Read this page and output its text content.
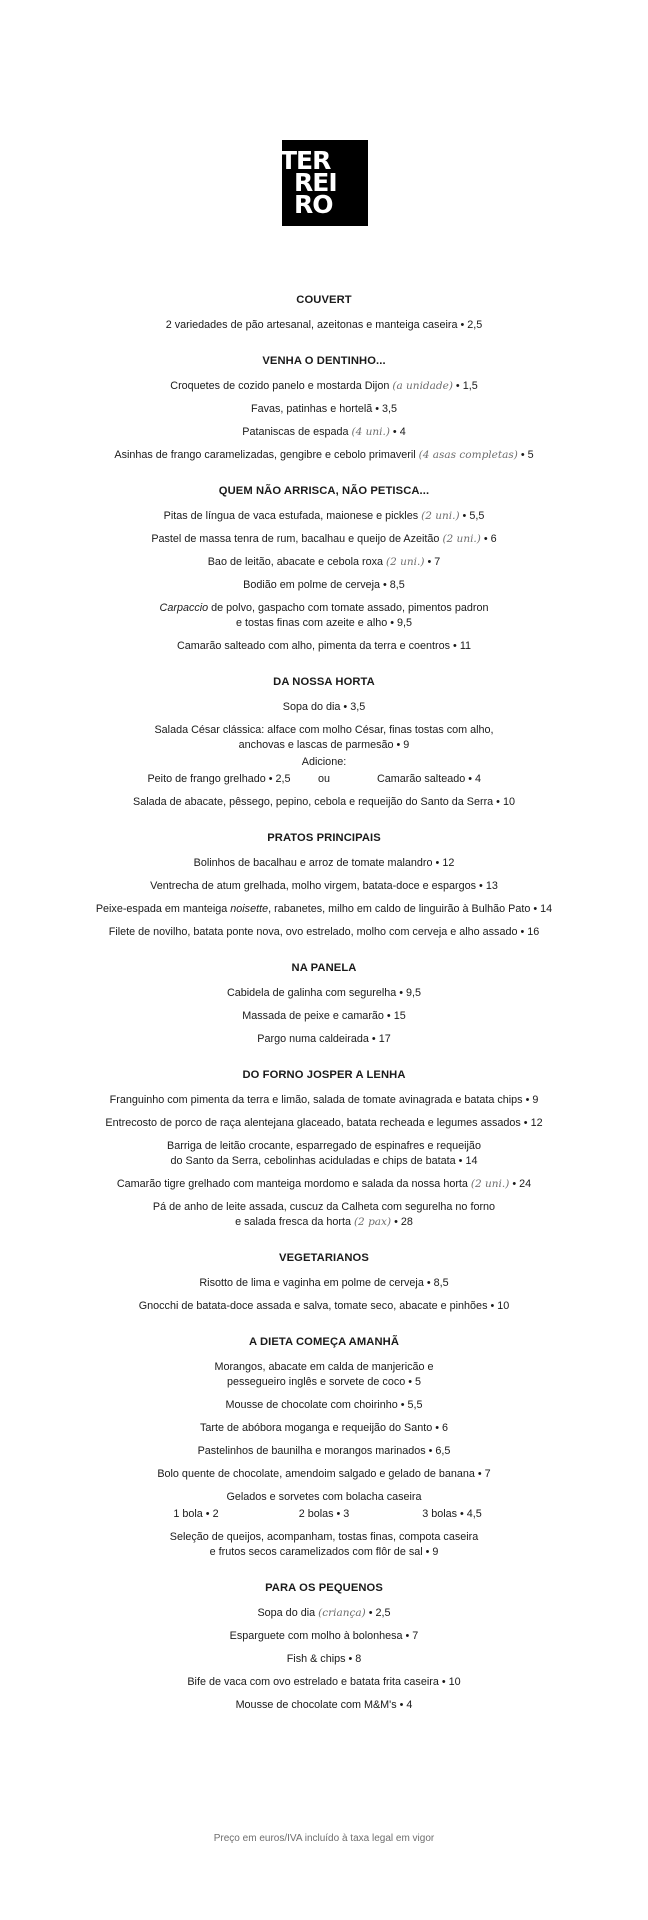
TER
REI
RO
COUVERT
2 variedades de pão artesanal, azeitonas e manteiga caseira • 2,5
VENHA O DENTINHO...
Croquetes de cozido panelo e mostarda Dijon (a unidade) • 1,5
Favas, patinhas e hortelã • 3,5
Pataniscas de espada (4 uni.) • 4
Asinhas de frango caramelizadas, gengibre e cebolo primaveril (4 asas completas) • 5
QUEM NÃO ARRISCA, NÃO PETISCA...
Pitas de língua de vaca estufada, maionese e pickles (2 uni.) • 5,5
Pastel de massa tenra de rum, bacalhau e queijo de Azeitão (2 uni.) • 6
Bao de leitão, abacate e cebola roxa (2 uni.) • 7
Bodião em polme de cerveja • 8,5
Carpaccio de polvo, gaspacho com tomate assado, pimentos padron
e tostas finas com azeite e alho • 9,5
Camarão salteado com alho, pimenta da terra e coentros • 11
DA NOSSA HORTA
Sopa do dia • 3,5
Salada César clássica: alface com molho César, finas tostas com alho,
anchovas e lascas de parmesão • 9
Adicione:
Peito de frango grelhado • 2,5	ou	Camarão salteado • 4
Salada de abacate, pêssego, pepino, cebola e requeijão do Santo da Serra • 10
PRATOS PRINCIPAIS
Bolinhos de bacalhau e arroz de tomate malandro • 12
Ventrecha de atum grelhada, molho virgem, batata-doce e espargos • 13
Peixe-espada em manteiga noisette, rabanetes, milho em caldo de linguirão à Bulhão Pato • 14
Filete de novilho, batata ponte nova, ovo estrelado, molho com cerveja e alho assado • 16
NA PANELA
Cabidela de galinha com segurelha • 9,5
Massada de peixe e camarão • 15
Pargo numa caldeirada • 17
DO FORNO JOSPER A LENHA
Franguinho com pimenta da terra e limão, salada de tomate avinagrada e batata chips • 9
Entrecosto de porco de raça alentejana glaceado, batata recheada e legumes assados • 12
Barriga de leitão crocante, esparregado de espinafres e requeijão
do Santo da Serra, cebolinhas aciduladas e chips de batata • 14
Camarão tigre grelhado com manteiga mordomo e salada da nossa horta (2 uni.) • 24
Pá de anho de leite assada, cuscuz da Calheta com segurelha no forno
e salada fresca da horta (2 pax) • 28
VEGETARIANOS
Risotto de lima e vaginha em polme de cerveja • 8,5
Gnocchi de batata-doce assada e salva, tomate seco, abacate e pinhões • 10
A DIETA COMEÇA AMANHÃ
Morangos, abacate em calda de manjericão e
pessegueiro inglês e sorvete de coco • 5
Mousse de chocolate com choirinho • 5,5
Tarte de abóbora moganga e requeijão do Santo • 6
Pastelinhos de baunilha e morangos marinados • 6,5
Bolo quente de chocolate, amendoim salgado e gelado de banana • 7
Gelados e sorvetes com bolacha caseira
1 bola • 2	2 bolas • 3	3 bolas • 4,5
Seleção de queijos, acompanham, tostas finas, compota caseira
e frutos secos caramelizados com flôr de sal • 9
PARA OS PEQUENOS
Sopa do dia (criança) • 2,5
Esparguete com molho à bolonhesa • 7
Fish & chips • 8
Bife de vaca com ovo estrelado e batata frita caseira • 10
Mousse de chocolate com M&M's • 4
Preço em euros/IVA incluído à taxa legal em vigor
